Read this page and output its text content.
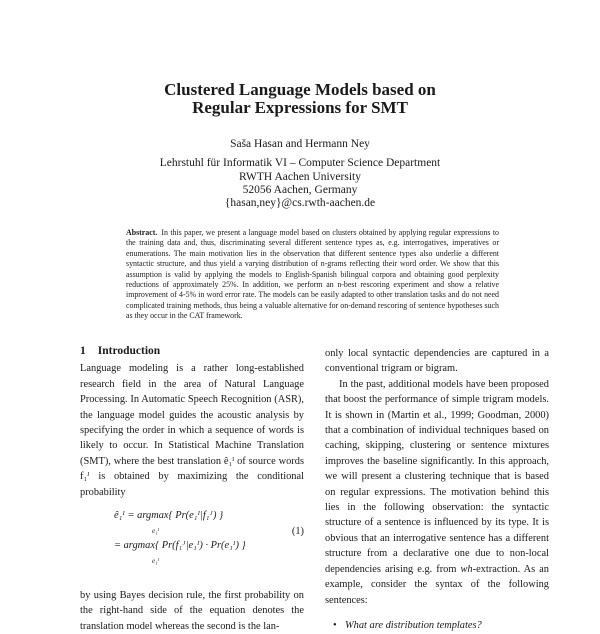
Clustered Language Models based on
Regular Expressions for SMT
Saša Hasan and Hermann Ney
Lehrstuhl für Informatik VI – Computer Science Department
RWTH Aachen University
52056 Aachen, Germany
{hasan,ney}@cs.rwth-aachen.de
Abstract. In this paper, we present a language model based on clusters obtained by applying regular expressions to the training data and, thus, discriminating several different sentence types as, e.g. interrogatives, imperatives or enumerations. The main motivation lies in the observation that different sentence types also underlie a different syntactic structure, and thus yield a varying distribution of n-grams reflecting their word order. We show that this assumption is valid by applying the models to English-Spanish bilingual corpora and obtaining good perplexity reductions of approximately 25%. In addition, we perform an n-best rescoring experiment and show a relative improvement of 4-5% in word error rate. The models can be easily adapted to other translation tasks and do not need complicated training methods, thus being a valuable alternative for on-demand rescoring of sentence hypotheses such as they occur in the CAT framework.
1 Introduction

Language modeling is a rather long-established research field in the area of Natural Language Processing. In Automatic Speech Recognition (ASR), the language model guides the acoustic analysis by specifying the order in which a sequence of words is likely to occur. In Statistical Machine Translation (SMT), where the best translation ê₁ᴵ of source words f₁ᴶ is obtained by maximizing the conditional probability

ê₁ᴵ = argmax{ Pr(e₁ᴵ|f₁ᴶ) }
e₁ᴵ
= argmax{ Pr(f₁ᴶ|e₁ᴵ) · Pr(e₁ᴵ) }
e₁ᴵ
(1)

by using Bayes decision rule, the first probability on the right-hand side of the equation denotes the translation model whereas the second is the lan-

only local syntactic dependencies are captured in a conventional trigram or bigram.

In the past, additional models have been proposed that boost the performance of simple trigram models. It is shown in (Martin et al., 1999; Goodman, 2000) that a combination of individual techniques based on caching, skipping, clustering or sentence mixtures improves the baseline significantly. In this approach, we will present a clustering technique that is based on regular expressions. The motivation behind this lies in the following observation: the syntactic structure of a sentence is influenced by its type. It is obvious that an interrogative sentence has a different structure from a declarative one due to non-local dependencies arising e.g. from wh-extraction. As an example, consider the syntax of the following sentences:

• What are distribution templates?
